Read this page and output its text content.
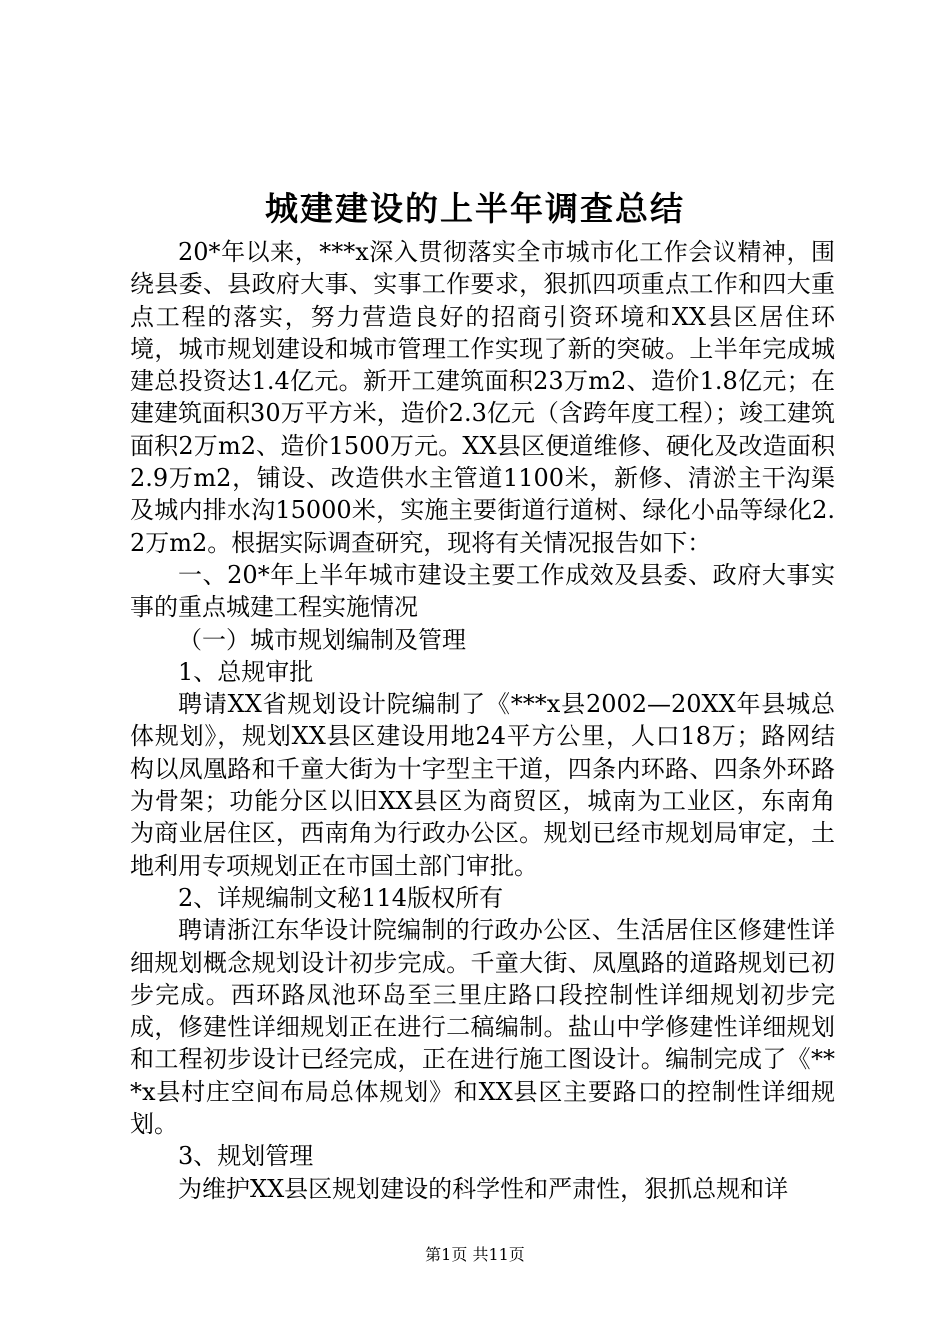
城建建设的上半年调查总结

20*年以来，***x深入贯彻落实全市城市化工作会议精神，围绕县委、县政府大事、实事工作要求，狠抓四项重点工作和四大重点工程的落实，努力营造良好的招商引资环境和XX县区居住环境，城市规划建设和城市管理工作实现了新的突破。上半年完成城建总投资达1.4亿元。新开工建筑面积23万m2、造价1.8亿元；在建建筑面积30万平方米，造价2.3亿元（含跨年度工程）；竣工建筑面积2万m2、造价1500万元。XX县区便道维修、硬化及改造面积2.9万m2，铺设、改造供水主管道1100米，新修、清淤主干沟渠及城内排水沟15000米，实施主要街道行道树、绿化小品等绿化2.2万m2。根据实际调查研究，现将有关情况报告如下：

一、20*年上半年城市建设主要工作成效及县委、政府大事实事的重点城建工程实施情况

（一）城市规划编制及管理

1、总规审批

聘请XX省规划设计院编制了《***x县2002—20XX年县城总体规划》，规划XX县区建设用地24平方公里，人口18万；路网结构以凤凰路和千童大街为十字型主干道，四条内环路、四条外环路为骨架；功能分区以旧XX县区为商贸区，城南为工业区，东南角为商业居住区，西南角为行政办公区。规划已经市规划局审定，土地利用专项规划正在市国土部门审批。

2、详规编制文秘114版权所有

聘请浙江东华设计院编制的行政办公区、生活居住区修建性详细规划概念规划设计初步完成。千童大街、凤凰路的道路规划已初步完成。西环路凤池环岛至三里庄路口段控制性详细规划初步完成，修建性详细规划正在进行二稿编制。盐山中学修建性详细规划和工程初步设计已经完成，正在进行施工图设计。编制完成了《***x县村庄空间布局总体规划》和XX县区主要路口的控制性详细规划。

3、规划管理

为维护XX县区规划建设的科学性和严肃性，狠抓总规和详

第1页 共11页
